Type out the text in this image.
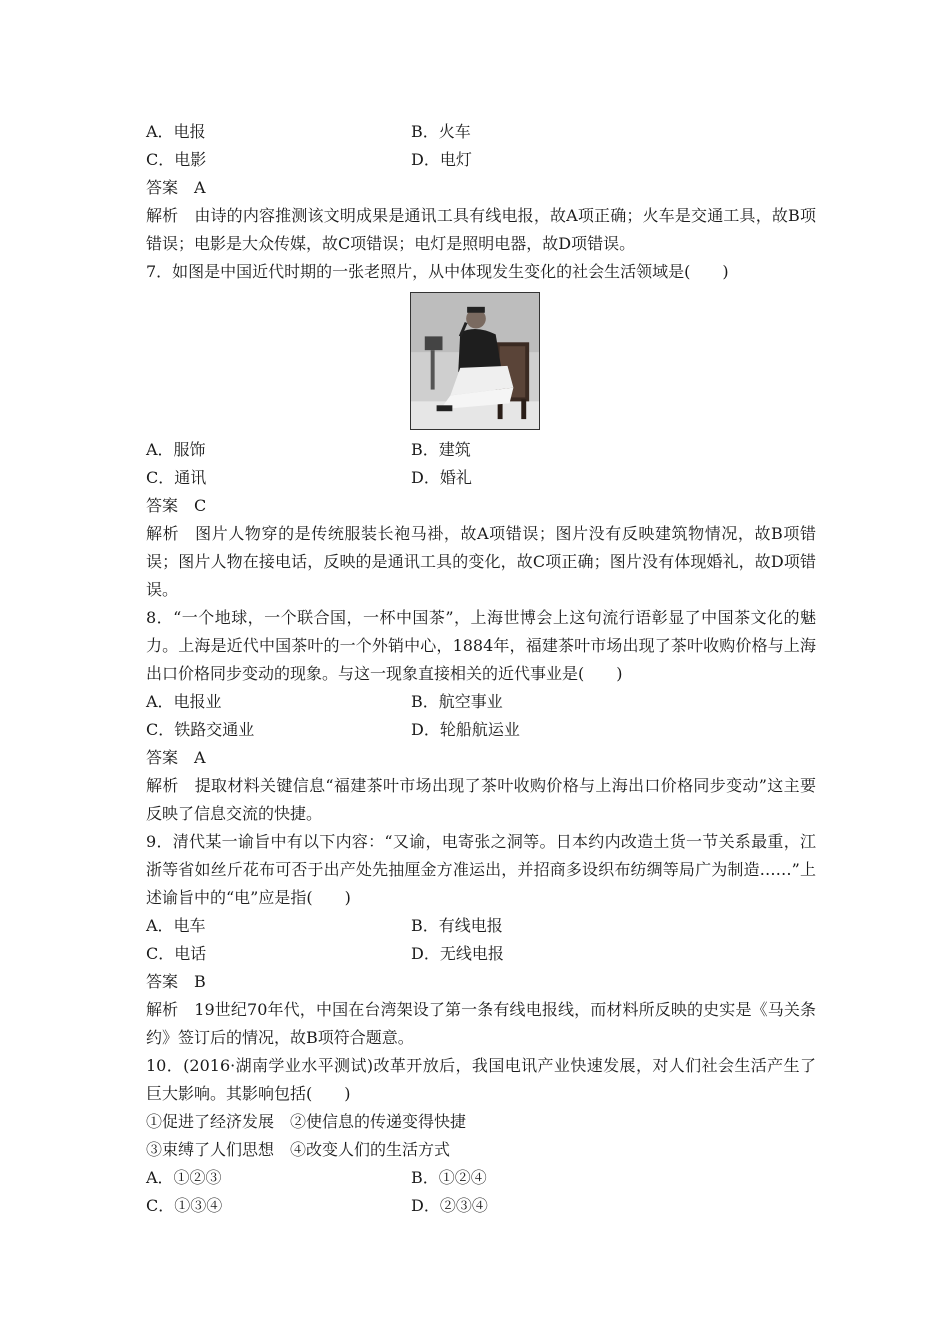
A．电报	B．火车
C．电影	D．电灯
答案 A
解析 由诗的内容推测该文明成果是通讯工具有线电报，故A项正确；火车是交通工具，故B项错误；电影是大众传媒，故C项错误；电灯是照明电器，故D项错误。
7．如图是中国近代时期的一张老照片，从中体现发生变化的社会生活领域是(　　)
A．服饰	B．建筑
C．通讯	D．婚礼
答案 C
解析 图片人物穿的是传统服装长袍马褂，故A项错误；图片没有反映建筑物情况，故B项错误；图片人物在接电话，反映的是通讯工具的变化，故C项正确；图片没有体现婚礼，故D项错误。
8．“一个地球，一个联合国，一杯中国茶”，上海世博会上这句流行语彰显了中国茶文化的魅力。上海是近代中国茶叶的一个外销中心，1884年，福建茶叶市场出现了茶叶收购价格与上海出口价格同步变动的现象。与这一现象直接相关的近代事业是(　　)
A．电报业	B．航空事业
C．铁路交通业	D．轮船航运业
答案 A
解析 提取材料关键信息“福建茶叶市场出现了茶叶收购价格与上海出口价格同步变动”这主要反映了信息交流的快捷。
9．清代某一谕旨中有以下内容：“又谕，电寄张之洞等。日本约内改造土货一节关系最重，江浙等省如丝斤花布可否于出产处先抽厘金方准运出，并招商多设织布纺绸等局广为制造……”上述谕旨中的“电”应是指(　　)
A．电车	B．有线电报
C．电话	D．无线电报
答案 B
解析 19世纪70年代，中国在台湾架设了第一条有线电报线，而材料所反映的史实是《马关条约》签订后的情况，故B项符合题意。
10．(2016·湖南学业水平测试)改革开放后，我国电讯产业快速发展，对人们社会生活产生了巨大影响。其影响包括(　　)
①促进了经济发展　②使信息的传递变得快捷
③束缚了人们思想　④改变人们的生活方式
A．①②③	B．①②④
C．①③④	D．②③④
